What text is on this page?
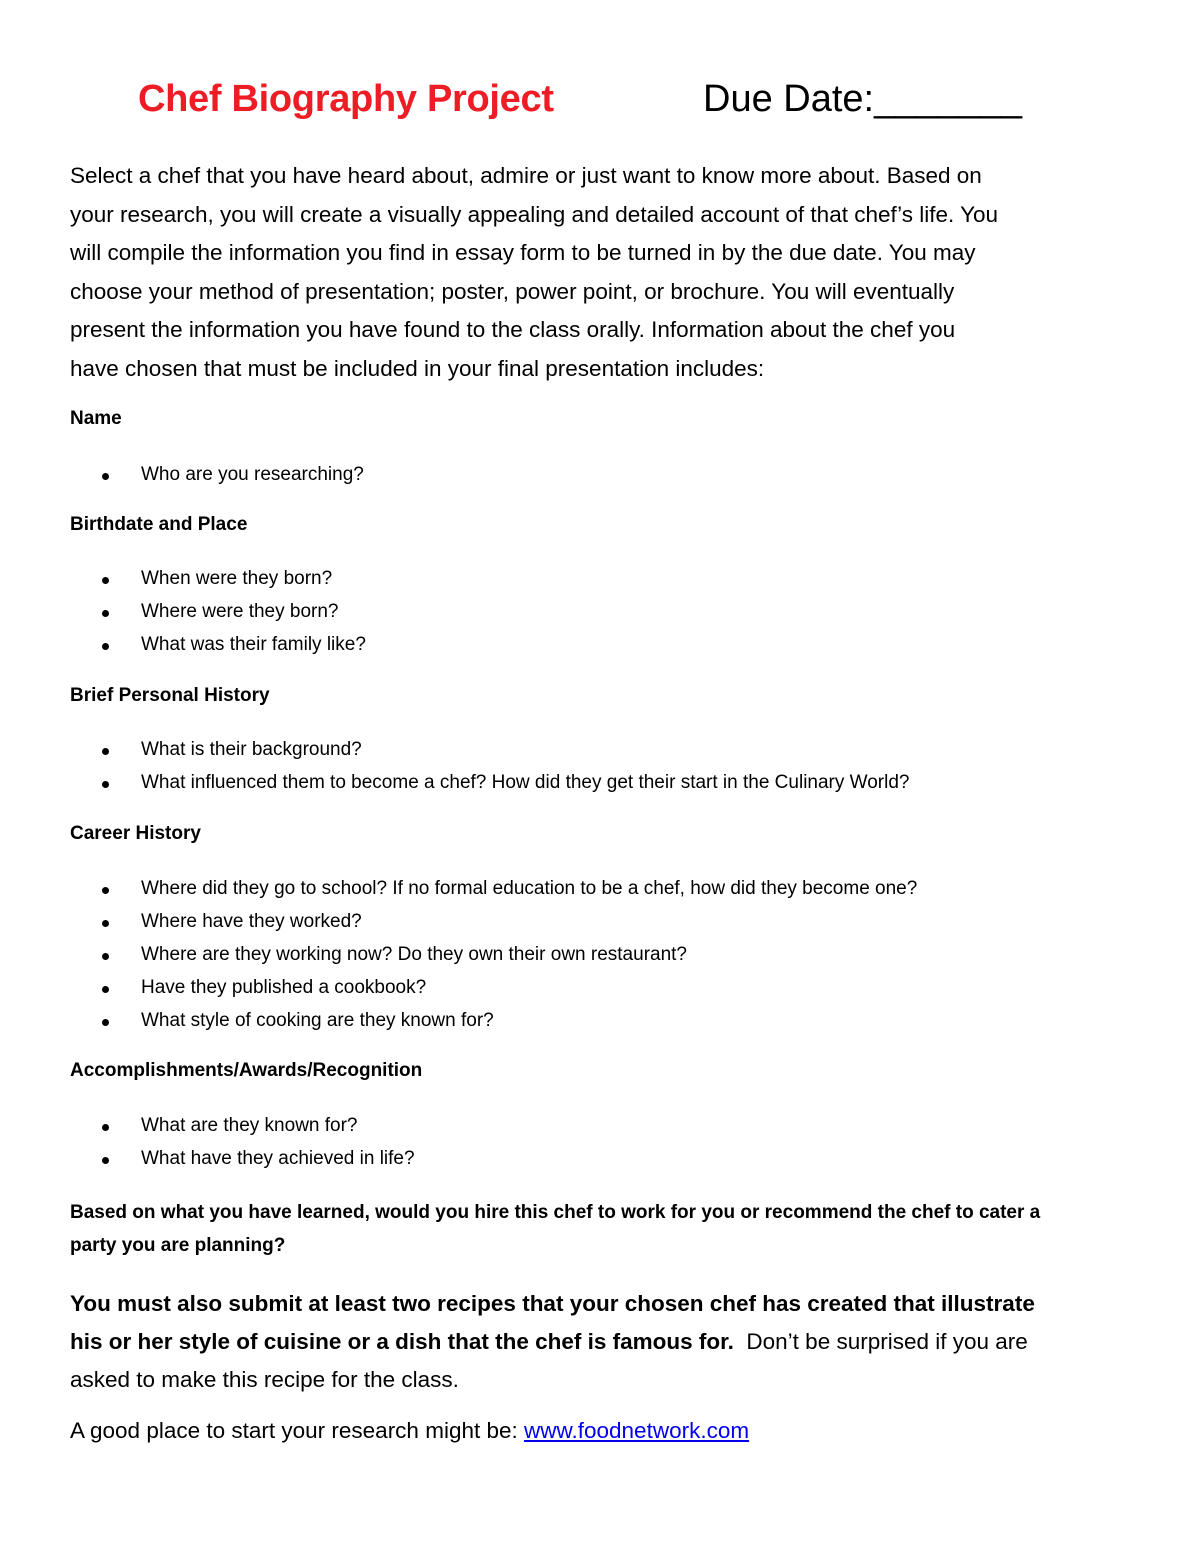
Chef Biography Project	Due Date:_______

Select a chef that you have heard about, admire or just want to know more about. Based on

your research, you will create a visually appealing and detailed account of that chef’s life. You

will compile the information you find in essay form to be turned in by the due date. You may

choose your method of presentation; poster, power point, or brochure. You will eventually

present the information you have found to the class orally. Information about the chef you

have chosen that must be included in your final presentation includes:

Name
Who are you researching?
Birthdate and Place
When were they born?
Where were they born?
What was their family like?
Brief Personal History
What is their background?
What influenced them to become a chef? How did they get their start in the Culinary World?
Career History
Where did they go to school? If no formal education to be a chef, how did they become one?
Where have they worked?
Where are they working now? Do they own their own restaurant?
Have they published a cookbook?
What style of cooking are they known for?
Accomplishments/Awards/Recognition
What are they known for?
What have they achieved in life?
Based on what you have learned, would you hire this chef to work for you or recommend the chef to cater a
party you are planning?
You must also submit at least two recipes that your chosen chef has created that illustrate
his or her style of cuisine or a dish that the chef is famous for.  Don’t be surprised if you are
asked to make this recipe for the class.
A good place to start your research might be: www.foodnetwork.com
